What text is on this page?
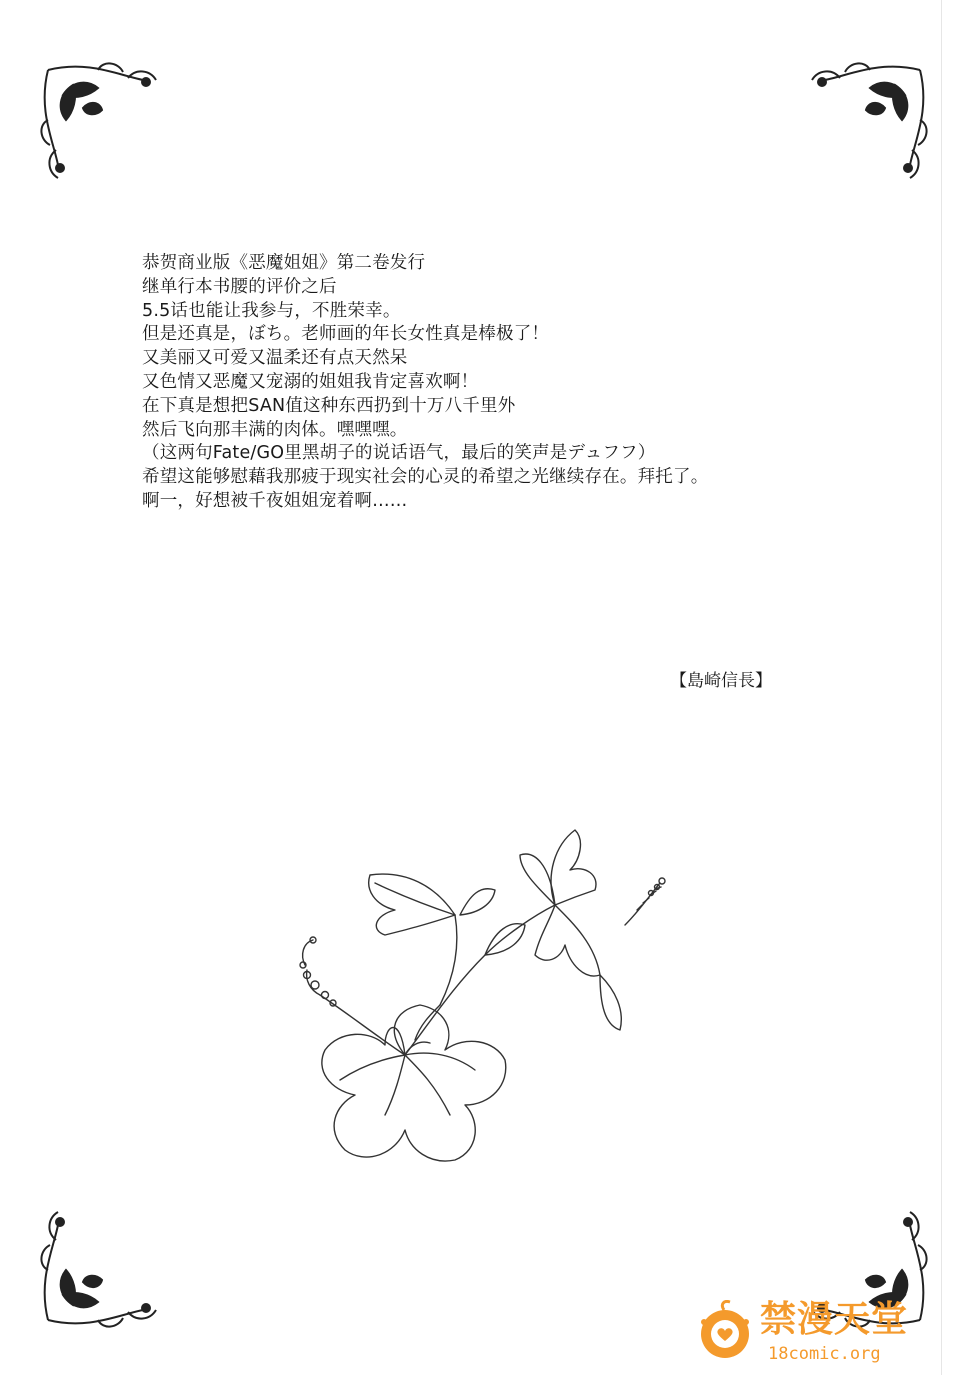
恭贺商业版《恶魔姐姐》第二卷发行
继单行本书腰的评价之后
5.5话也能让我参与，不胜荣幸。
但是还真是，ぼち。老师画的年长女性真是棒极了！
又美丽又可爱又温柔还有点天然呆
又色情又恶魔又宠溺的姐姐我肯定喜欢啊！
在下真是想把SAN值这种东西扔到十万八千里外
然后飞向那丰满的肉体。嘿嘿嘿。
（这两句Fate/GO里黑胡子的说话语气，最后的笑声是デュフフ）
希望这能够慰藉我那疲于现实社会的心灵的希望之光继续存在。拜托了。
啊一，好想被千夜姐姐宠着啊……
【島崎信長】
禁漫天堂
18comic.org
